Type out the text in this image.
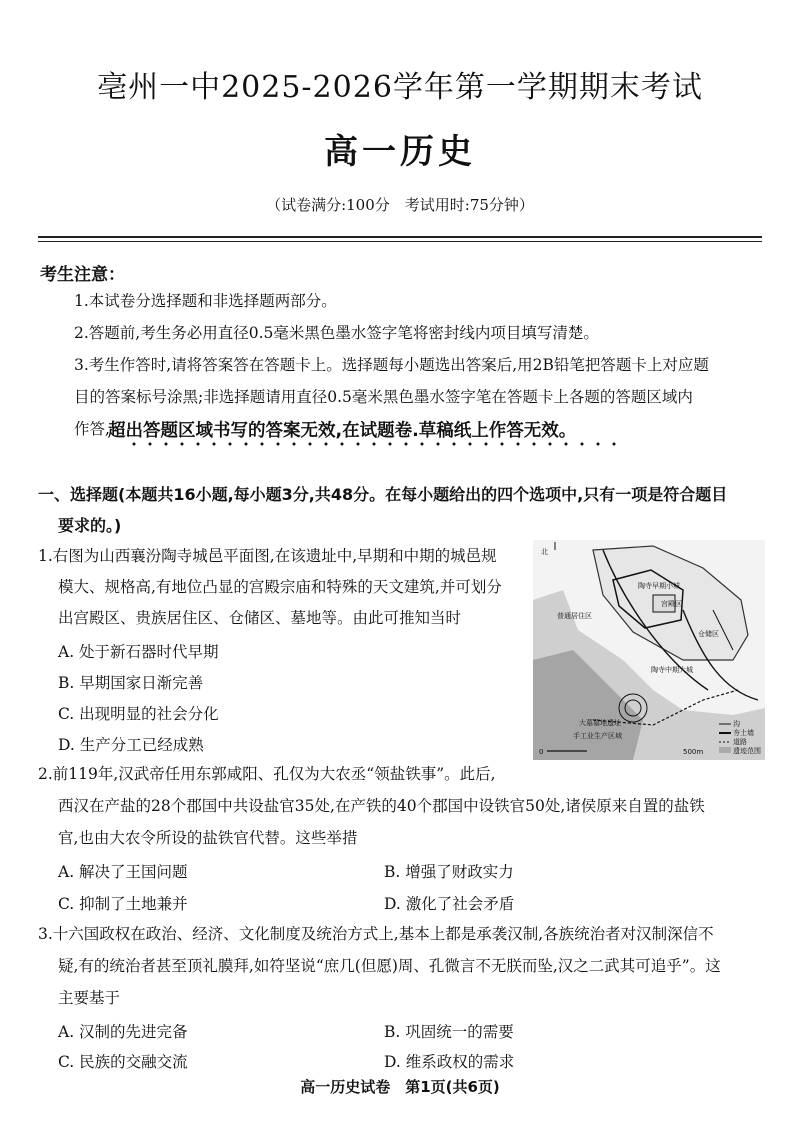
亳州一中2025-2026学年第一学期期末考试
高一历史
（试卷满分:100分　考试用时:75分钟）
考生注意：
1.本试卷分选择题和非选择题两部分。
2.答题前,考生务必用直径0.5毫米黑色墨水签字笔将密封线内项目填写清楚。
3.考生作答时,请将答案答在答题卡上。选择题每小题选出答案后,用2B铅笔把答题卡上对应题
目的答案标号涂黑;非选择题请用直径0.5毫米黑色墨水签字笔在答题卡上各题的答题区域内
作答,
超出答题区域书写的答案无效,在试题卷.草稿纸上作答无效。
一、选择题(本题共16小题,每小题3分,共48分。在每小题给出的四个选项中,只有一项是符合题目
要求的。)
1.右图为山西襄汾陶寺城邑平面图,在该遗址中,早期和中期的城邑规
模大、规格高,有地位凸显的宫殿宗庙和特殊的天文建筑,并可划分
出宫殿区、贵族居住区、仓储区、墓地等。由此可推知当时
A. 处于新石器时代早期
B. 早期国家日渐完善
C. 出现明显的社会分化
D. 生产分工已经成熟
北
陶寺早期小城
宫殿区
普通居住区
仓储区
陶寺中期大城
手工业生产区域
大墓墓地遗址
0	500m
沟
夯土墙
道路
遗迹范围
2.前119年,汉武帝任用东郭咸阳、孔仅为大农丞“领盐铁事”。此后,
西汉在产盐的28个郡国中共设盐官35处,在产铁的40个郡国中设铁官50处,诸侯原来自置的盐铁
官,也由大农令所设的盐铁官代替。这些举措
A. 解决了王国问题	B. 增强了财政实力
C. 抑制了土地兼并	D. 激化了社会矛盾
3.十六国政权在政治、经济、文化制度及统治方式上,基本上都是承袭汉制,各族统治者对汉制深信不
疑,有的统治者甚至顶礼膜拜,如符坚说“庶几(但愿)周、孔微言不无朕而坠,汉之二武其可追乎”。这
主要基于
A. 汉制的先进完备	B. 巩固统一的需要
C. 民族的交融交流	D. 维系政权的需求
高一历史试卷　第1页(共6页)
